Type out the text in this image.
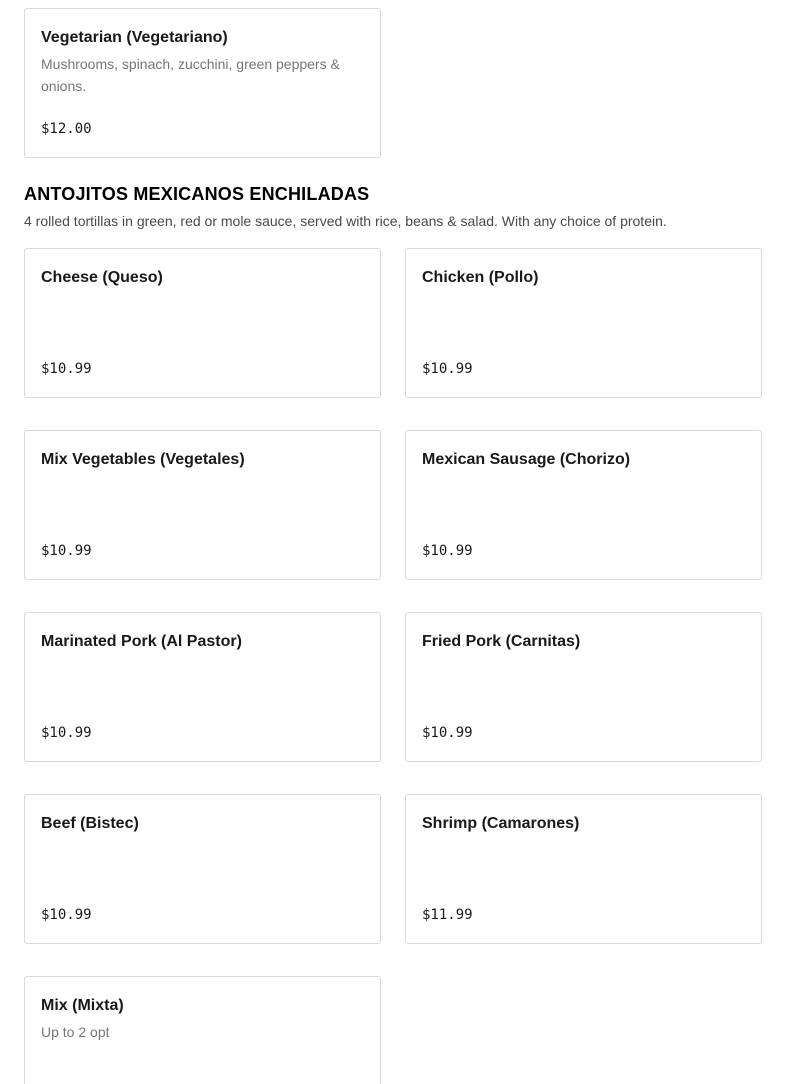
Vegetarian (Vegetariano)
Mushrooms, spinach, zucchini, green peppers & onions.
$12.00
ANTOJITOS MEXICANOS ENCHILADAS
4 rolled tortillas in green, red or mole sauce, served with rice, beans & salad. With any choice of protein.
Cheese (Queso)
$10.99
Chicken (Pollo)
$10.99
Mix Vegetables (Vegetales)
$10.99
Mexican Sausage (Chorizo)
$10.99
Marinated Pork (Al Pastor)
$10.99
Fried Pork (Carnitas)
$10.99
Beef (Bistec)
$10.99
Shrimp (Camarones)
$11.99
Mix (Mixta)
Up to 2 opt
